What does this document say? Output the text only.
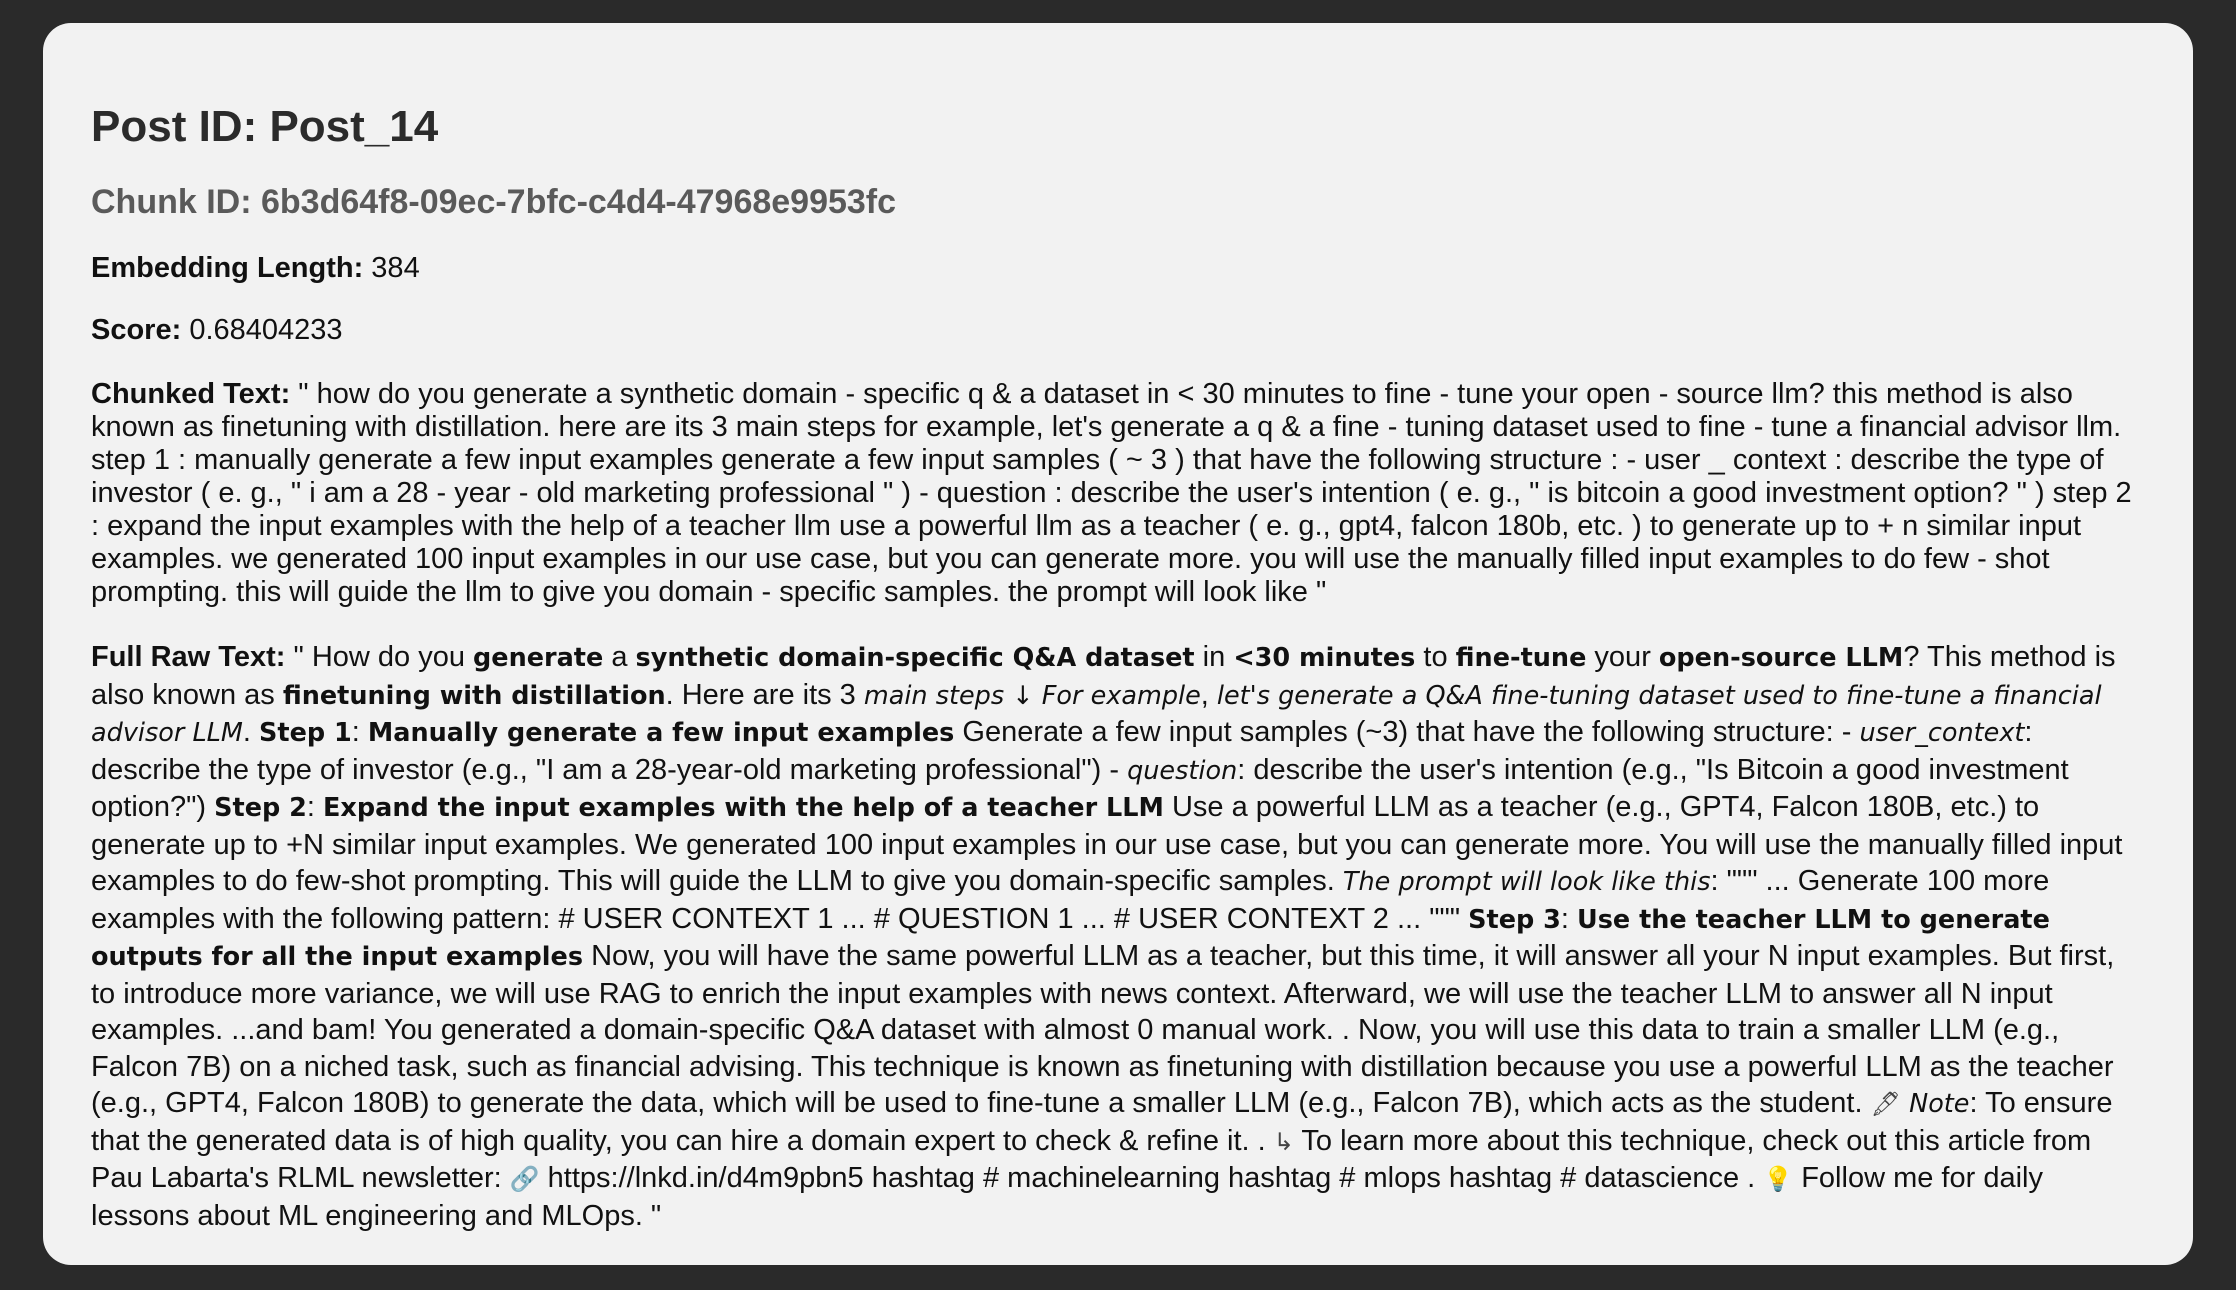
Post ID: Post_14
Chunk ID: 6b3d64f8-09ec-7bfc-c4d4-47968e9953fc
Embedding Length: 384
Score: 0.68404233
Chunked Text: " how do you generate a synthetic domain - specific q & a dataset in < 30 minutes to fine - tune your open - source llm? this method is also known as finetuning with distillation. here are its 3 main steps for example, let's generate a q & a fine - tuning dataset used to fine - tune a financial advisor llm. step 1 : manually generate a few input examples generate a few input samples ( ~ 3 ) that have the following structure : - user _ context : describe the type of investor ( e. g., " i am a 28 - year - old marketing professional " ) - question : describe the user's intention ( e. g., " is bitcoin a good investment option? " ) step 2 : expand the input examples with the help of a teacher llm use a powerful llm as a teacher ( e. g., gpt4, falcon 180b, etc. ) to generate up to + n similar input examples. we generated 100 input examples in our use case, but you can generate more. you will use the manually filled input examples to do few - shot prompting. this will guide the llm to give you domain - specific samples. the prompt will look like "
Full Raw Text: " How do you generate a synthetic domain-specific Q&A dataset in <30 minutes to fine-tune your open-source LLM? This method is also known as finetuning with distillation. Here are its 3 main steps ↓ For example, let's generate a Q&A fine-tuning dataset used to fine-tune a financial advisor LLM. Step 1: Manually generate a few input examples Generate a few input samples (~3) that have the following structure: - user_context: describe the type of investor (e.g., "I am a 28-year-old marketing professional") - question: describe the user's intention (e.g., "Is Bitcoin a good investment option?") Step 2: Expand the input examples with the help of a teacher LLM Use a powerful LLM as a teacher (e.g., GPT4, Falcon 180B, etc.) to generate up to +N similar input examples. We generated 100 input examples in our use case, but you can generate more. You will use the manually filled input examples to do few-shot prompting. This will guide the LLM to give you domain-specific samples. The prompt will look like this: """ ... Generate 100 more examples with the following pattern: # USER CONTEXT 1 ... # QUESTION 1 ... # USER CONTEXT 2 ... """ Step 3: Use the teacher LLM to generate outputs for all the input examples Now, you will have the same powerful LLM as a teacher, but this time, it will answer all your N input examples. But first, to introduce more variance, we will use RAG to enrich the input examples with news context. Afterward, we will use the teacher LLM to answer all N input examples. ...and bam! You generated a domain-specific Q&A dataset with almost 0 manual work. . Now, you will use this data to train a smaller LLM (e.g., Falcon 7B) on a niched task, such as financial advising. This technique is known as finetuning with distillation because you use a powerful LLM as the teacher (e.g., GPT4, Falcon 180B) to generate the data, which will be used to fine-tune a smaller LLM (e.g., Falcon 7B), which acts as the student. 🖋 Note: To ensure that the generated data is of high quality, you can hire a domain expert to check & refine it. . ↳ To learn more about this technique, check out this article from Pau Labarta's RLML newsletter: 🔗 https://lnkd.in/d4m9pbn5 hashtag # machinelearning hashtag # mlops hashtag # datascience . 💡 Follow me for daily lessons about ML engineering and MLOps. "
